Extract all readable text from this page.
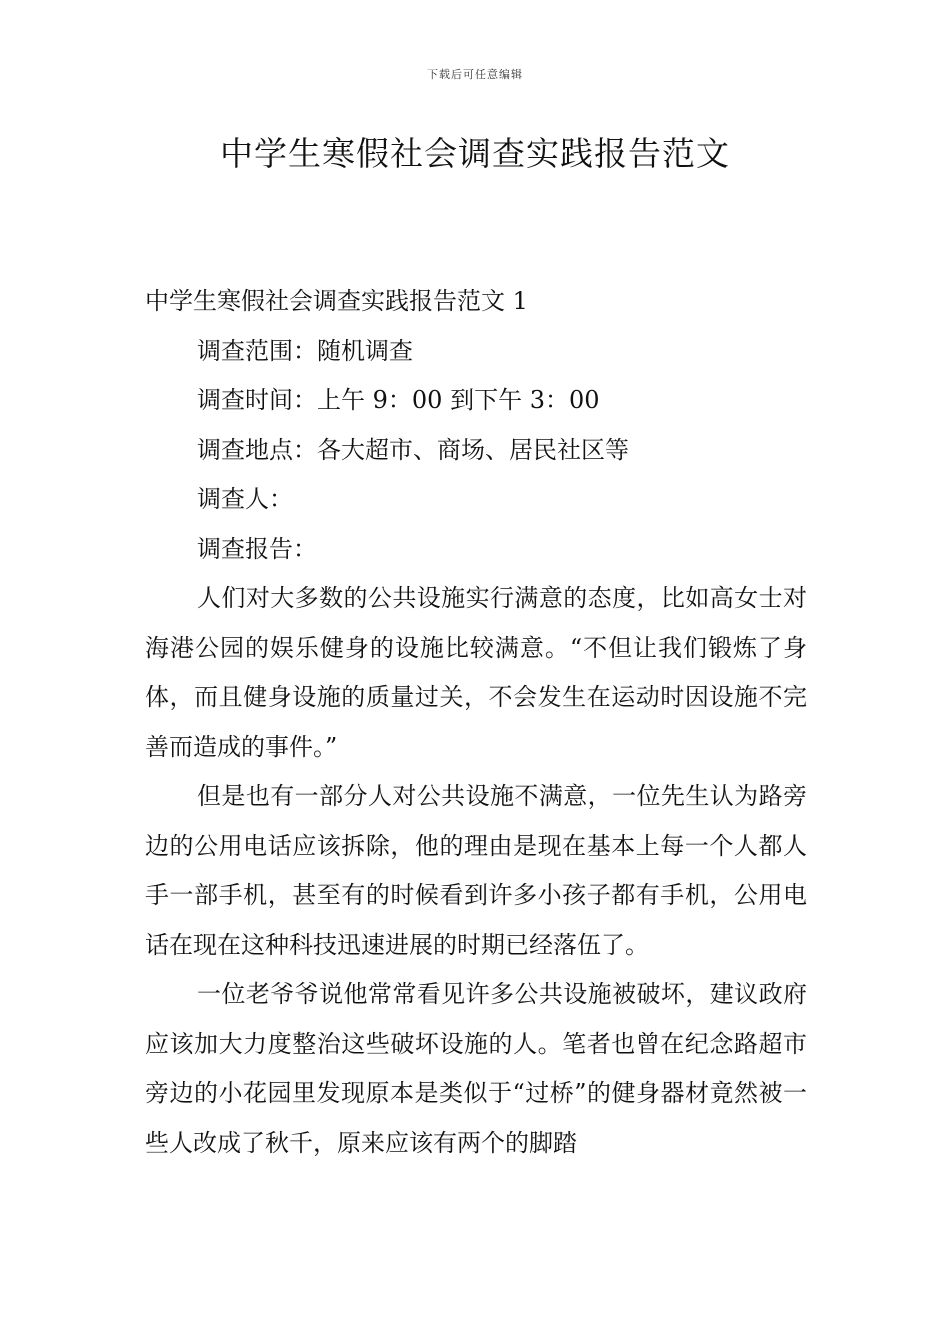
下载后可任意编辑
中学生寒假社会调查实践报告范文

中学生寒假社会调查实践报告范文 1

调查范围：随机调查

调查时间：上午 9：00 到下午 3：00

调查地点：各大超市、商场、居民社区等

调查人：

调查报告：

人们对大多数的公共设施实行满意的态度，比如高女士对海港公园的娱乐健身的设施比较满意。“不但让我们锻炼了身体，而且健身设施的质量过关，不会发生在运动时因设施不完善而造成的事件。”

但是也有一部分人对公共设施不满意，一位先生认为路旁边的公用电话应该拆除，他的理由是现在基本上每一个人都人手一部手机，甚至有的时候看到许多小孩子都有手机，公用电话在现在这种科技迅速进展的时期已经落伍了。

一位老爷爷说他常常看见许多公共设施被破坏，建议政府应该加大力度整治这些破坏设施的人。笔者也曾在纪念路超市旁边的小花园里发现原本是类似于“过桥”的健身器材竟然被一些人改成了秋千，原来应该有两个的脚踏
